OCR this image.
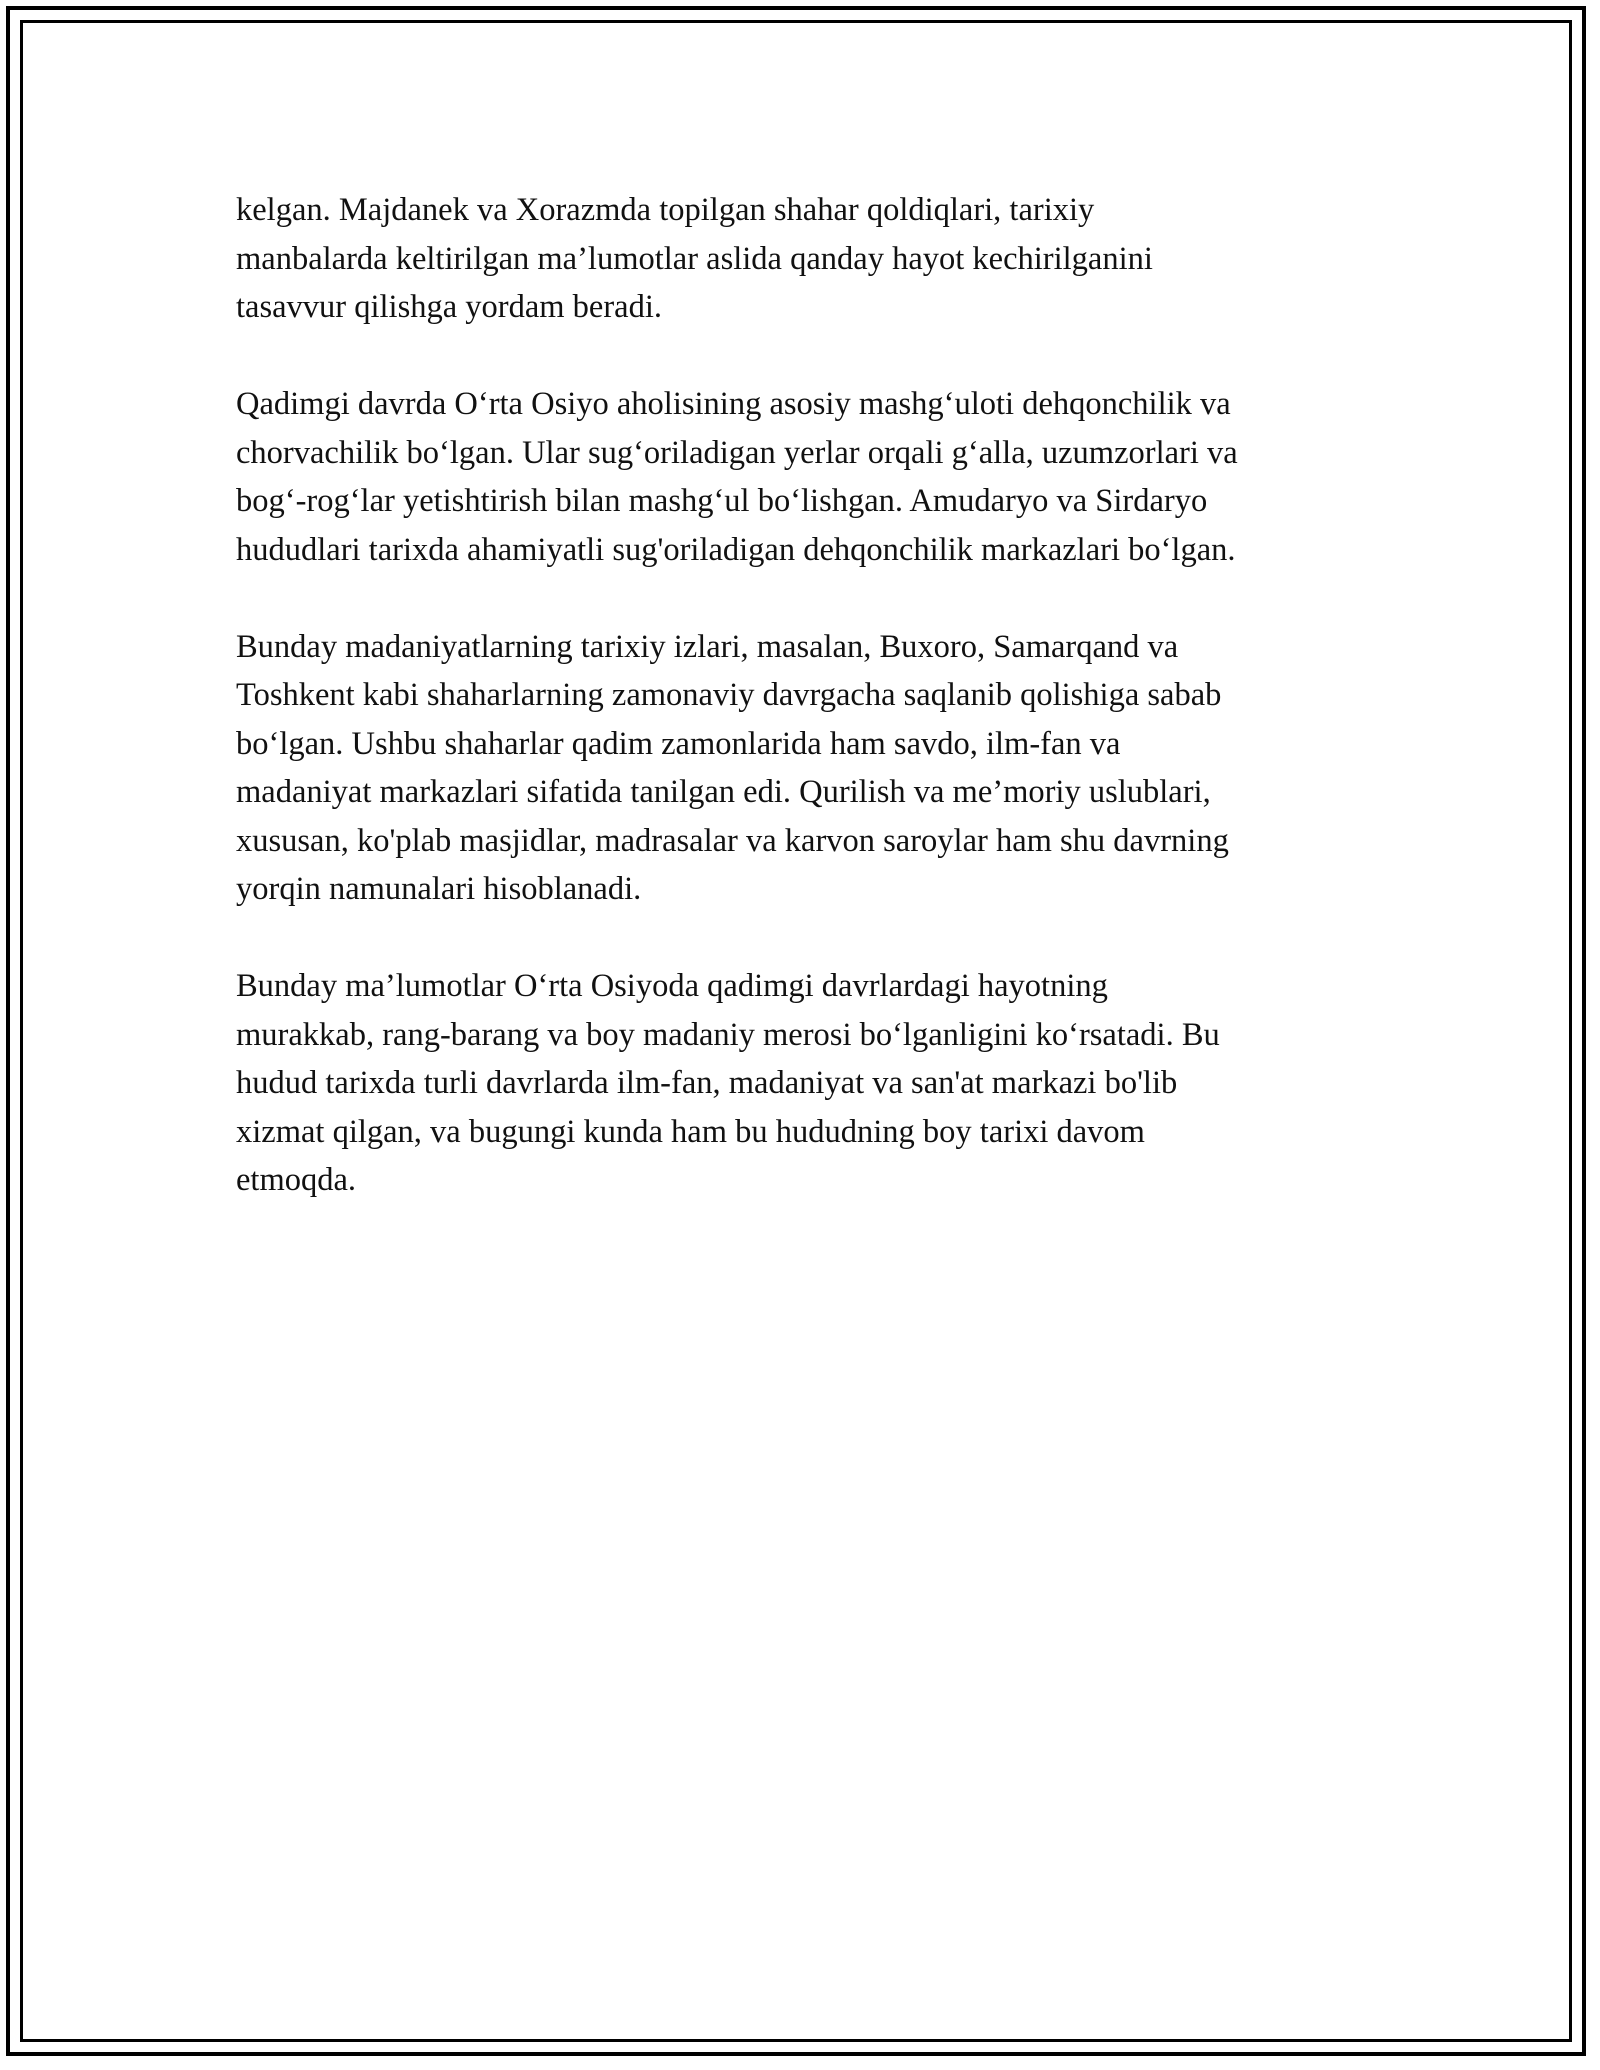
kelgan. Majdanek va Xorazmda topilgan shahar qoldiqlari, tarixiy
manbalarda keltirilgan ma’lumotlar aslida qanday hayot kechirilganini
tasavvur qilishga yordam beradi.

Qadimgi davrda O‘rta Osiyo aholisining asosiy mashg‘uloti dehqonchilik va
chorvachilik bo‘lgan. Ular sug‘oriladigan yerlar orqali g‘alla, uzumzorlari va
bog‘-rog‘lar yetishtirish bilan mashg‘ul bo‘lishgan. Amudaryo va Sirdaryo
hududlari tarixda ahamiyatli sug'oriladigan dehqonchilik markazlari bo‘lgan.

Bunday madaniyatlarning tarixiy izlari, masalan, Buxoro, Samarqand va
Toshkent kabi shaharlarning zamonaviy davrgacha saqlanib qolishiga sabab
bo‘lgan. Ushbu shaharlar qadim zamonlarida ham savdo, ilm-fan va
madaniyat markazlari sifatida tanilgan edi. Qurilish va me’moriy uslublari,
xususan, ko'plab masjidlar, madrasalar va karvon saroylar ham shu davrning
yorqin namunalari hisoblanadi.

Bunday ma’lumotlar O‘rta Osiyoda qadimgi davrlardagi hayotning
murakkab, rang-barang va boy madaniy merosi bo‘lganligini ko‘rsatadi. Bu
hudud tarixda turli davrlarda ilm-fan, madaniyat va san'at markazi bo'lib
xizmat qilgan, va bugungi kunda ham bu hududning boy tarixi davom
etmoqda.
